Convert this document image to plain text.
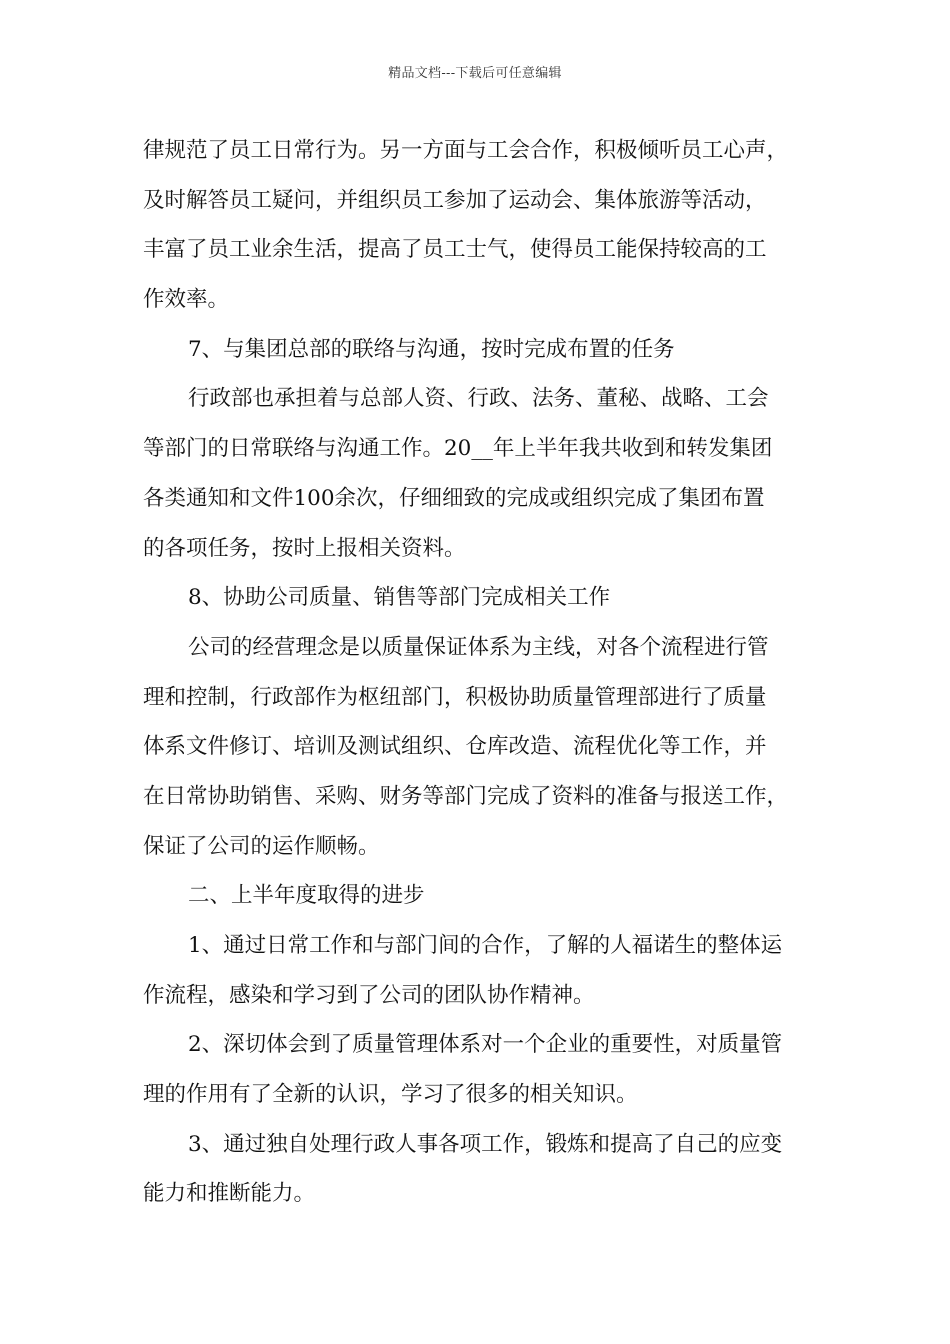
精品文档---下载后可任意编辑
律规范了员工日常行为。另一方面与工会合作，积极倾听员工心声，
及时解答员工疑问，并组织员工参加了运动会、集体旅游等活动，
丰富了员工业余生活，提高了员工士气，使得员工能保持较高的工
作效率。
7、与集团总部的联络与沟通，按时完成布置的任务
行政部也承担着与总部人资、行政、法务、董秘、战略、工会
等部门的日常联络与沟通工作。20__年上半年我共收到和转发集团
各类通知和文件100余次，仔细细致的完成或组织完成了集团布置
的各项任务，按时上报相关资料。
8、协助公司质量、销售等部门完成相关工作
公司的经营理念是以质量保证体系为主线，对各个流程进行管
理和控制，行政部作为枢纽部门，积极协助质量管理部进行了质量
体系文件修订、培训及测试组织、仓库改造、流程优化等工作，并
在日常协助销售、采购、财务等部门完成了资料的准备与报送工作，
保证了公司的运作顺畅。
二、上半年度取得的进步
1、通过日常工作和与部门间的合作，了解的人福诺生的整体运
作流程，感染和学习到了公司的团队协作精神。
2、深切体会到了质量管理体系对一个企业的重要性，对质量管
理的作用有了全新的认识，学习了很多的相关知识。
3、通过独自处理行政人事各项工作，锻炼和提高了自己的应变
能力和推断能力。
